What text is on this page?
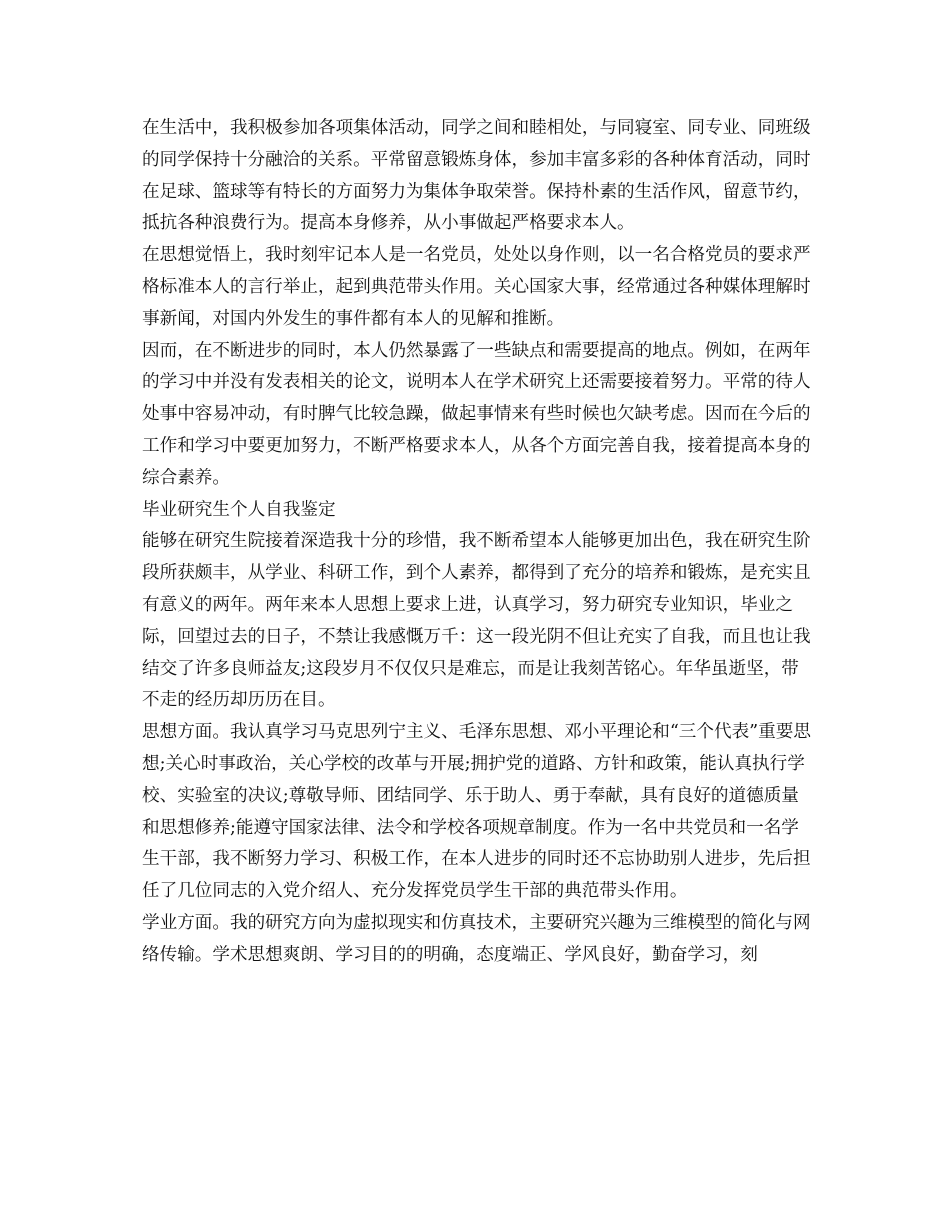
在生活中，我积极参加各项集体活动，同学之间和睦相处，与同寝室、同专业、同班级的同学保持十分融洽的关系。平常留意锻炼身体，参加丰富多彩的各种体育活动，同时在足球、篮球等有特长的方面努力为集体争取荣誉。保持朴素的生活作风，留意节约，抵抗各种浪费行为。提高本身修养，从小事做起严格要求本人。

在思想觉悟上，我时刻牢记本人是一名党员，处处以身作则，以一名合格党员的要求严格标准本人的言行举止，起到典范带头作用。关心国家大事，经常通过各种媒体理解时事新闻，对国内外发生的事件都有本人的见解和推断。

因而，在不断进步的同时，本人仍然暴露了一些缺点和需要提高的地点。例如，在两年的学习中并没有发表相关的论文，说明本人在学术研究上还需要接着努力。平常的待人处事中容易冲动，有时脾气比较急躁，做起事情来有些时候也欠缺考虑。因而在今后的工作和学习中要更加努力，不断严格要求本人，从各个方面完善自我，接着提高本身的综合素养。

毕业研究生个人自我鉴定

能够在研究生院接着深造我十分的珍惜，我不断希望本人能够更加出色，我在研究生阶段所获颇丰，从学业、科研工作，到个人素养，都得到了充分的培养和锻炼，是充实且有意义的两年。两年来本人思想上要求上进，认真学习，努力研究专业知识，毕业之际，回望过去的日子，不禁让我感慨万千：这一段光阴不但让充实了自我，而且也让我结交了许多良师益友;这段岁月不仅仅只是难忘，而是让我刻苦铭心。年华虽逝坚，带不走的经历却历历在目。

思想方面。我认真学习马克思列宁主义、毛泽东思想、邓小平理论和“三个代表”重要思想;关心时事政治，关心学校的改革与开展;拥护党的道路、方针和政策，能认真执行学校、实验室的决议;尊敬导师、团结同学、乐于助人、勇于奉献，具有良好的道德质量和思想修养;能遵守国家法律、法令和学校各项规章制度。作为一名中共党员和一名学生干部，我不断努力学习、积极工作，在本人进步的同时还不忘协助别人进步，先后担任了几位同志的入党介绍人、充分发挥党员学生干部的典范带头作用。

学业方面。我的研究方向为虚拟现实和仿真技术，主要研究兴趣为三维模型的简化与网络传输。学术思想爽朗、学习目的的明确，态度端正、学风良好，勤奋学习，刻
